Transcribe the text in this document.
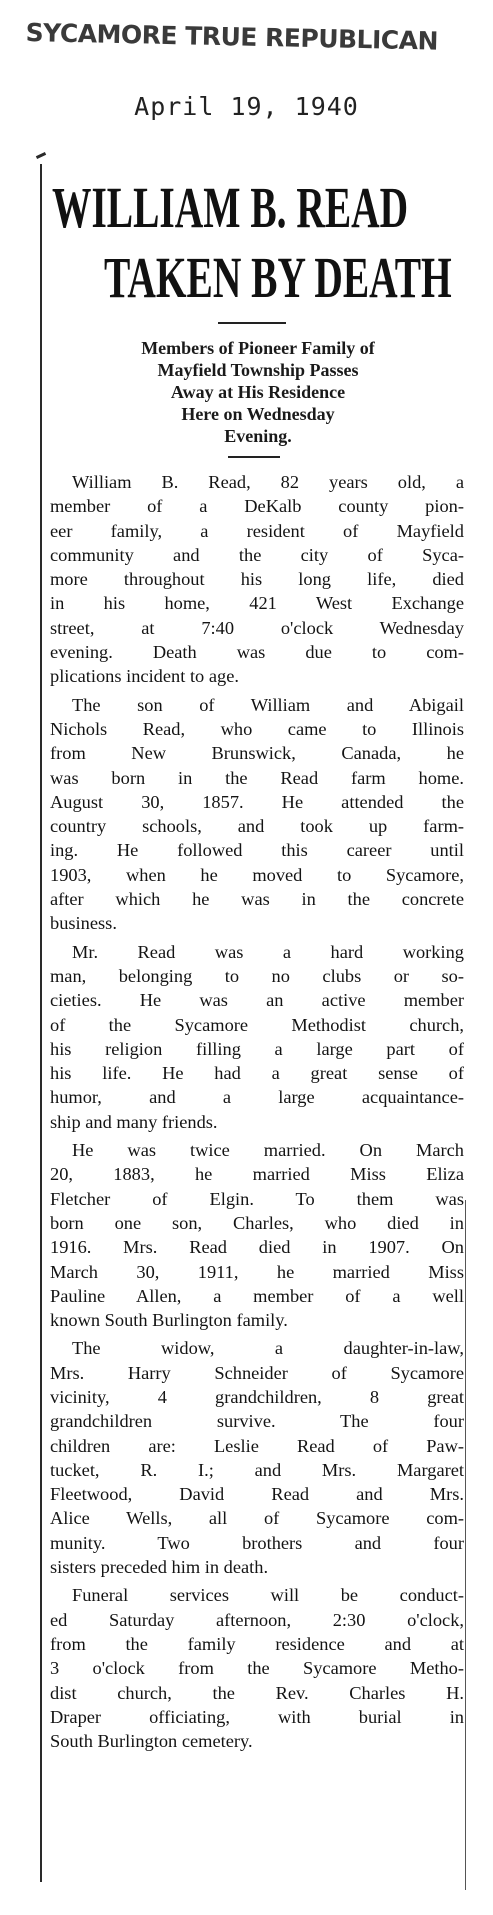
SYCAMORE TRUE REPUBLICAN
April 19, 1940
WILLIAM B. READ
TAKEN BY DEATH
Members of Pioneer Family of
Mayfield Township Passes
Away at His Residence
Here on Wednesday
Evening.
William B. Read, 82 years old, a
member of a DeKalb county pion-
eer family, a resident of Mayfield
community and the city of Syca-
more throughout his long life, died
in his home, 421 West Exchange
street, at 7:40 o'clock Wednesday
evening. Death was due to com-
plications incident to age.
The son of William and Abigail
Nichols Read, who came to Illinois
from New Brunswick, Canada, he
was born in the Read farm home.
August 30, 1857. He attended the
country schools, and took up farm-
ing. He followed this career until
1903, when he moved to Sycamore,
after which he was in the concrete
business.
Mr. Read was a hard working
man, belonging to no clubs or so-
cieties. He was an active member
of the Sycamore Methodist church,
his religion filling a large part of
his life. He had a great sense of
humor, and a large acquaintance-
ship and many friends.
He was twice married. On March
20, 1883, he married Miss Eliza
Fletcher of Elgin. To them was
born one son, Charles, who died in
1916. Mrs. Read died in 1907. On
March 30, 1911, he married Miss
Pauline Allen, a member of a well
known South Burlington family.
The widow, a daughter-in-law,
Mrs. Harry Schneider of Sycamore
vicinity, 4 grandchildren, 8 great
grandchildren survive. The four
children are: Leslie Read of Paw-
tucket, R. I.; and Mrs. Margaret
Fleetwood, David Read and Mrs.
Alice Wells, all of Sycamore com-
munity. Two brothers and four
sisters preceded him in death.
Funeral services will be conduct-
ed Saturday afternoon, 2:30 o'clock,
from the family residence and at
3 o'clock from the Sycamore Metho-
dist church, the Rev. Charles H.
Draper officiating, with burial in
South Burlington cemetery.
